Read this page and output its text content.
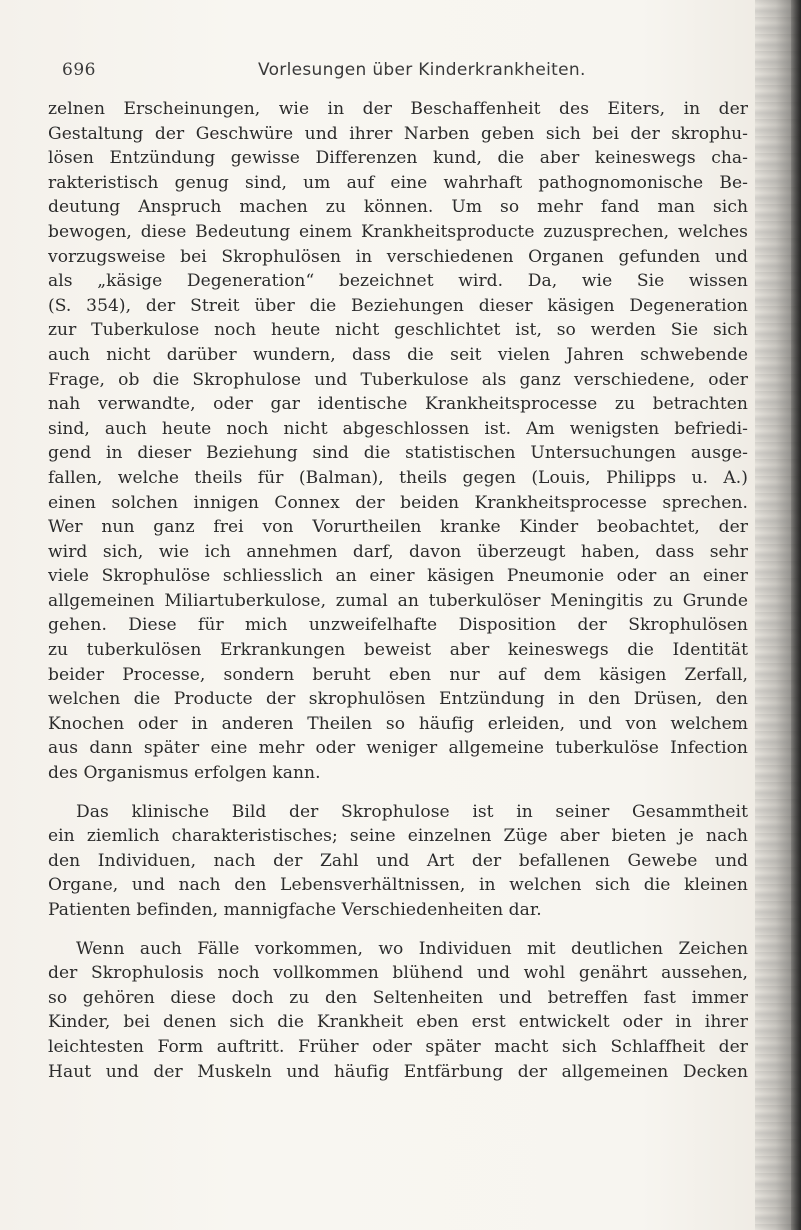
696	Vorlesungen über Kinderkrankheiten.
zelnen Erscheinungen, wie in der Beschaffenheit des Eiters, in der
Gestaltung der Geschwüre und ihrer Narben geben sich bei der skrophu-
lösen Entzündung gewisse Differenzen kund, die aber keineswegs cha-
rakteristisch genug sind, um auf eine wahrhaft pathognomonische Be-
deutung Anspruch machen zu können. Um so mehr fand man sich
bewogen, diese Bedeutung einem Krankheitsproducte zuzusprechen, welches
vorzugsweise bei Skrophulösen in verschiedenen Organen gefunden und
als „käsige Degeneration“ bezeichnet wird. Da, wie Sie wissen
(S. 354), der Streit über die Beziehungen dieser käsigen Degeneration
zur Tuberkulose noch heute nicht geschlichtet ist, so werden Sie sich
auch nicht darüber wundern, dass die seit vielen Jahren schwebende
Frage, ob die Skrophulose und Tuberkulose als ganz verschiedene, oder
nah verwandte, oder gar identische Krankheitsprocesse zu betrachten
sind, auch heute noch nicht abgeschlossen ist. Am wenigsten befriedi-
gend in dieser Beziehung sind die statistischen Untersuchungen ausge-
fallen, welche theils für (Balman), theils gegen (Louis, Philipps u. A.)
einen solchen innigen Connex der beiden Krankheitsprocesse sprechen.
Wer nun ganz frei von Vorurtheilen kranke Kinder beobachtet, der
wird sich, wie ich annehmen darf, davon überzeugt haben, dass sehr
viele Skrophulöse schliesslich an einer käsigen Pneumonie oder an einer
allgemeinen Miliartuberkulose, zumal an tuberkulöser Meningitis zu Grunde
gehen. Diese für mich unzweifelhafte Disposition der Skrophulösen
zu tuberkulösen Erkrankungen beweist aber keineswegs die Identität
beider Processe, sondern beruht eben nur auf dem käsigen Zerfall,
welchen die Producte der skrophulösen Entzündung in den Drüsen, den
Knochen oder in anderen Theilen so häufig erleiden, und von welchem
aus dann später eine mehr oder weniger allgemeine tuberkulöse Infection
des Organismus erfolgen kann.
Das klinische Bild der Skrophulose ist in seiner Gesammtheit
ein ziemlich charakteristisches; seine einzelnen Züge aber bieten je nach
den Individuen, nach der Zahl und Art der befallenen Gewebe und
Organe, und nach den Lebensverhältnissen, in welchen sich die kleinen
Patienten befinden, mannigfache Verschiedenheiten dar.
Wenn auch Fälle vorkommen, wo Individuen mit deutlichen Zeichen
der Skrophulosis noch vollkommen blühend und wohl genährt aussehen,
so gehören diese doch zu den Seltenheiten und betreffen fast immer
Kinder, bei denen sich die Krankheit eben erst entwickelt oder in ihrer
leichtesten Form auftritt. Früher oder später macht sich Schlaffheit der
Haut und der Muskeln und häufig Entfärbung der allgemeinen Decken
